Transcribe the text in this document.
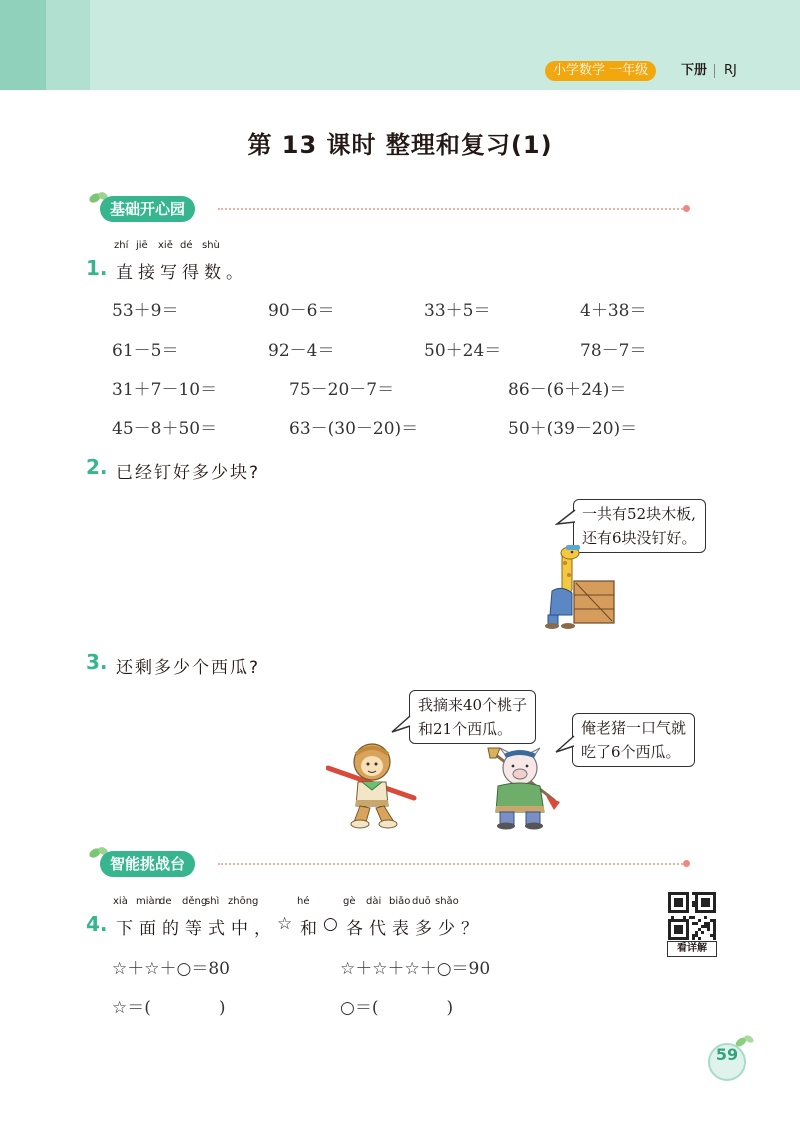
小学数学 一年级	下册 RJ
第 13 课时 整理和复习(1)
基础开心园
zhí jiē xiě dé shù
1. 直接写得数。
53＋9＝	90－6＝	33＋5＝	4＋38＝
61－5＝	92－4＝	50＋24＝	78－7＝
31＋7－10＝	75－20－7＝	86－(6＋24)＝
45－8＋50＝	63－(30－20)＝	50＋(39－20)＝
2. 已经钉好多少块?
一共有52块木板,
还有6块没钉好。
3. 还剩多少个西瓜?
我摘来40个桃子
和21个西瓜。	俺老猪一口气就
吃了6个西瓜。
智能挑战台
xià miàn
de děng
shì zhōng	hé	gè dài biǎo duō shǎo
4. 下 面 的 等 式 中 ， ☆ 和 ○ 各 代 表 多 少 ？
☆＋☆＋○＝80	☆＋☆＋☆＋○＝90
☆＝(　　　　)	○＝(　　　　)
看详解
59
